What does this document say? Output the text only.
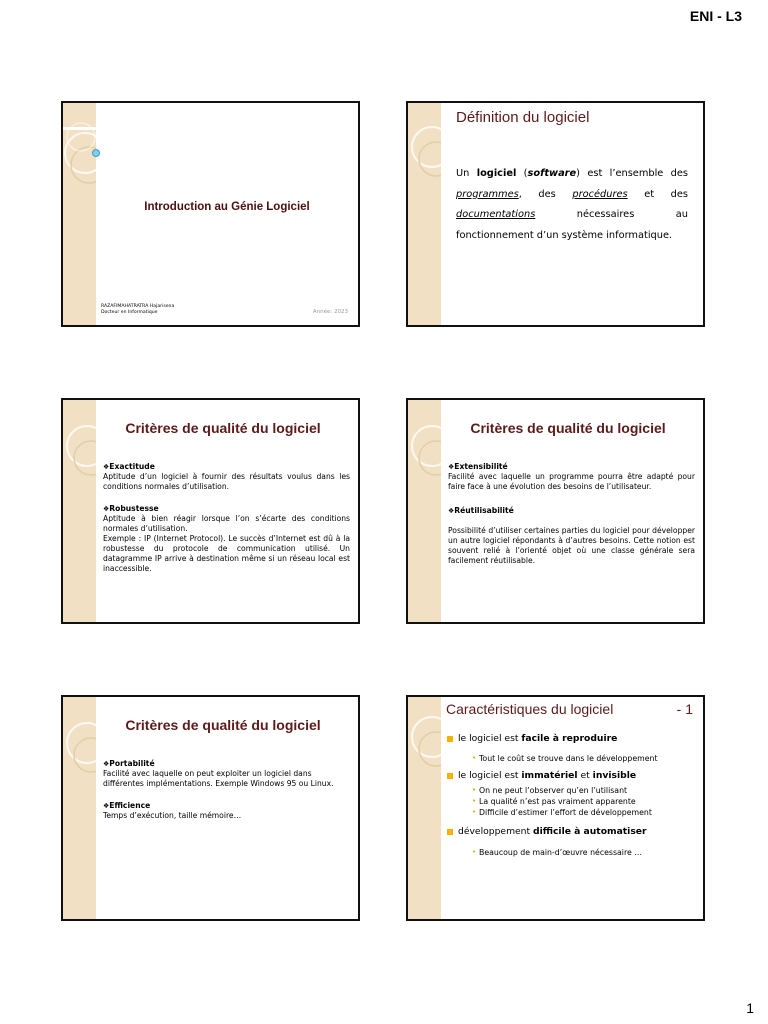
ENI - L3
Introduction au Génie Logiciel
RAZAFIMAHATRATRA Hajarisena
Docteur en Informatique	Année: 2023
Définition du logiciel
Un logiciel (software) est l’ensemble des programmes, des procédures et des documentations nécessaires au fonctionnement d’un système informatique.
Critères de qualité du logiciel
❖Exactitude

Aptitude d’un logiciel à fournir des résultats voulus dans les conditions normales d’utilisation.

❖Robustesse

Aptitude à bien réagir lorsque l’on s’écarte des conditions normales d’utilisation.

Exemple : IP (Internet Protocol). Le succès d’Internet est dû à la robustesse du protocole de communication utilisé. Un datagramme IP arrive à destination même si un réseau local est inaccessible.

Critères de qualité du logiciel
❖Extensibilité

Facilité avec laquelle un programme pourra être adapté pour faire face à une évolution des besoins de l’utilisateur.

❖Réutilisabilité

Possibilité d’utiliser certaines parties du logiciel pour développer un autre logiciel répondants à d’autres besoins. Cette notion est souvent relié à l’orienté objet où une classe générale sera facilement réutilisable.

Critères de qualité du logiciel
❖Portabilité

Facilité avec laquelle on peut exploiter un logiciel dans différentes implémentations. Exemple Windows 95 ou Linux.

❖Efficience

Temps d’exécution, taille mémoire…

Caractéristiques du logiciel	- 1

le logiciel est facile à reproduire

• Tout le coût se trouve dans le développement

le logiciel est immatériel et invisible

• On ne peut l’observer qu’en l’utilisant

• La qualité n’est pas vraiment apparente

• Difficile d’estimer l’effort de développement

développement difficile à automatiser

• Beaucoup de main-d’œuvre nécessaire …

1
